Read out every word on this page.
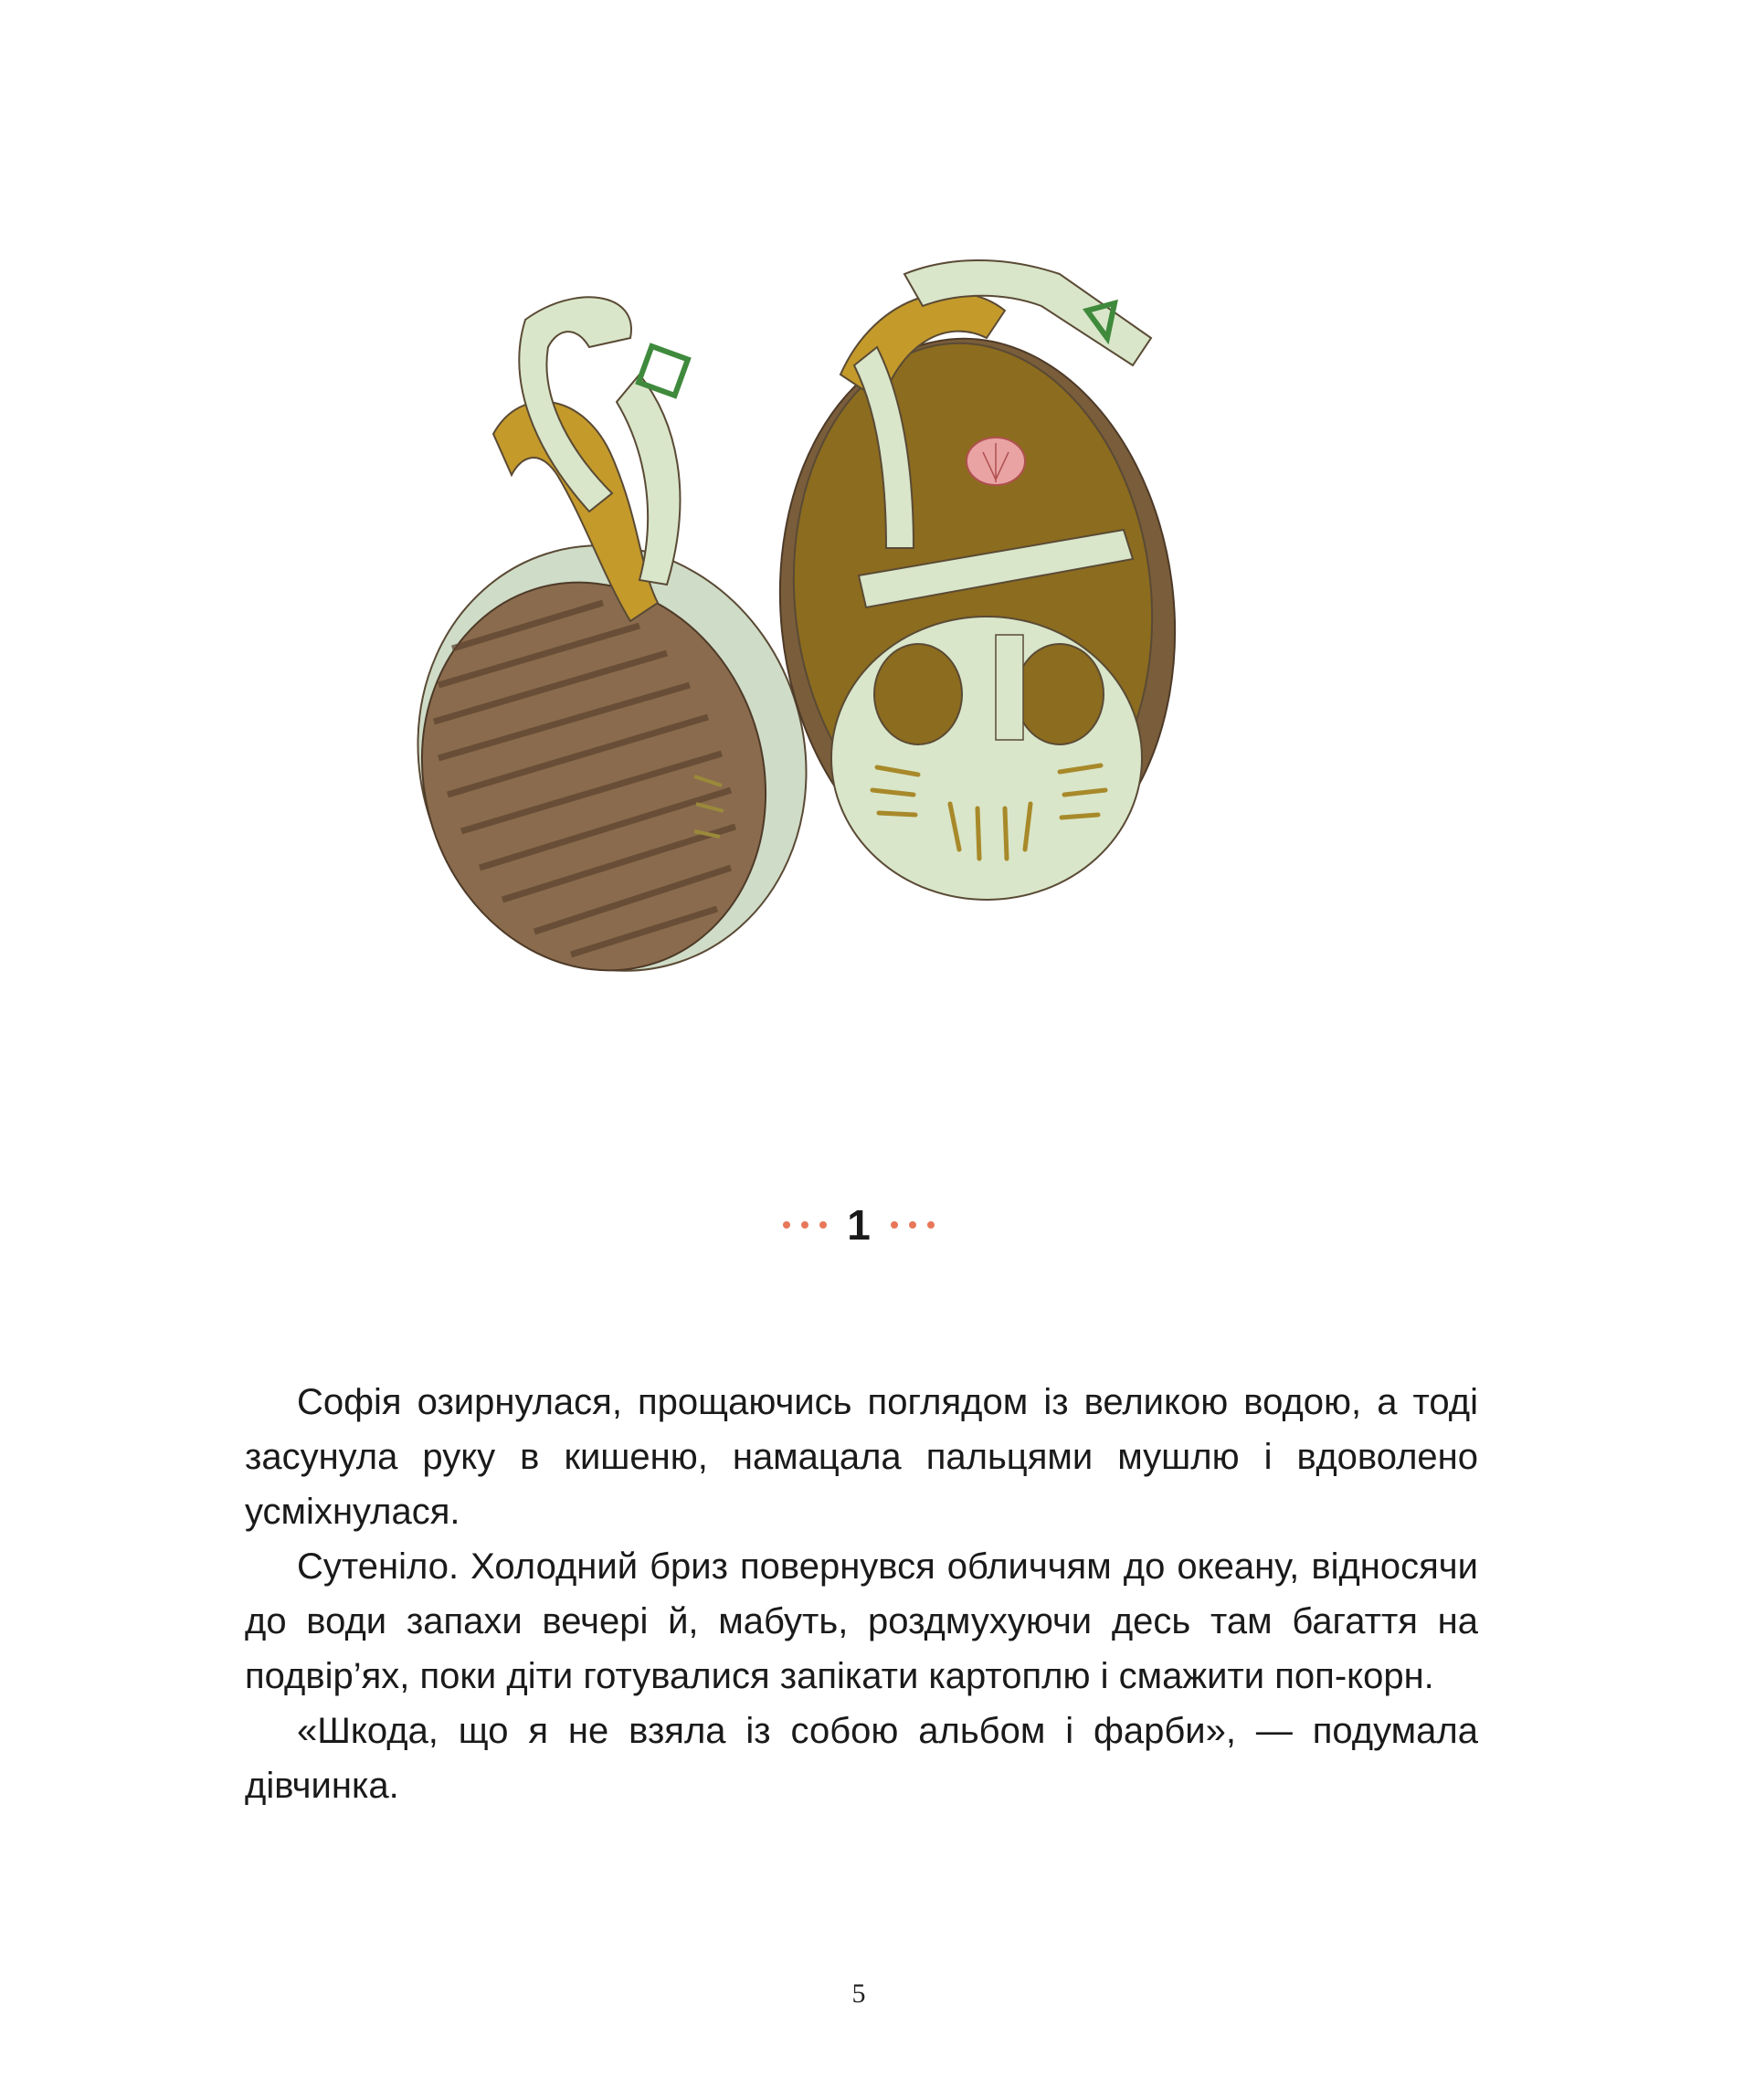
1

Софія озирнулася, прощаючись поглядом із великою водою, а тоді засунула руку в кишеню, намацала пальцями мушлю і вдоволено усміхнулася.

Сутеніло. Холодний бриз повернувся обличчям до океану, відносячи до води запахи вечері й, мабуть, роздмухуючи десь там багаття на подвір’ях, поки діти готувалися запікати картоплю і смажити поп-корн.

«Шкода, що я не взяла із собою альбом і фарби», — подумала дівчинка.

5
